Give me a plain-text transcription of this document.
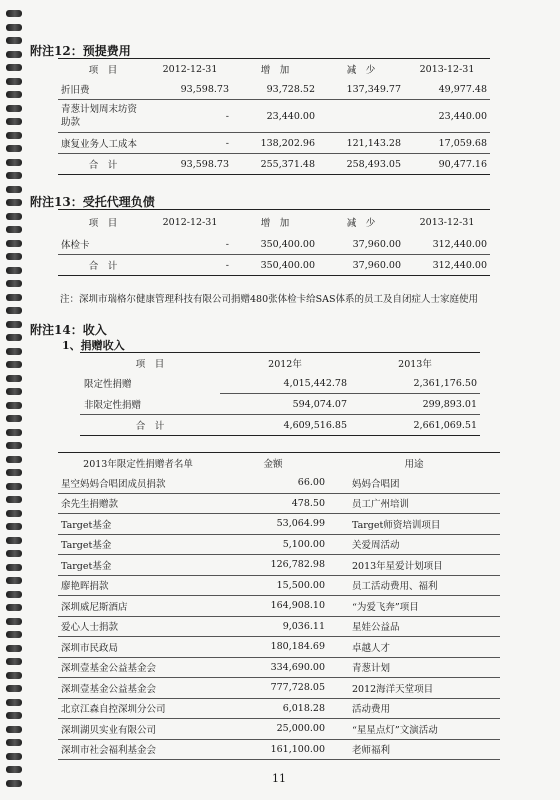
附注12：预提费用
项　目	2012-12-31	增　加	减　少	2013-12-31
折旧费	93,598.73	93,728.52	137,349.77	49,977.48
青葱计划周末坊资助款	-	23,440.00		23,440.00
康复业务人工成本	-	138,202.96	121,143.28	17,059.68
合　计	93,598.73	255,371.48	258,493.05	90,477.16
附注13：受托代理负债
项　目	2012-12-31	增　加	减　少	2013-12-31
体检卡	-	350,400.00	37,960.00	312,440.00
合　计	-	350,400.00	37,960.00	312,440.00
注：深圳市瑞格尔健康管理科技有限公司捐赠480张体检卡给SAS体系的员工及自闭症人士家庭使用
附注14：收入
1、捐赠收入
项　目	2012年	2013年
限定性捐赠	4,015,442.78	2,361,176.50
非限定性捐赠	594,074.07	299,893.01
合　计	4,609,516.85	2,661,069.51
2013年限定性捐赠者名单	金额	用途
星空妈妈合唱团成员捐款	66.00	妈妈合唱团
余先生捐赠款	478.50	员工广州培训
Target基金	53,064.99	Target师资培训项目
Target基金	5,100.00	关爱周活动
Target基金	126,782.98	2013年星爱计划项目
廖艳晖捐款	15,500.00	员工活动费用、福利
深圳威尼斯酒店	164,908.10	“为爱飞奔”项目
爱心人士捐款	9,036.11	星娃公益品
深圳市民政局	180,184.69	卓越人才
深圳壹基金公益基金会	334,690.00	青葱计划
深圳壹基金公益基金会	777,728.05	2012海洋天堂项目
北京江森自控深圳分公司	6,018.28	活动费用
深圳湖贝实业有限公司	25,000.00	“星星点灯”文演活动
深圳市社会福利基金会	161,100.00	老师福利
11
